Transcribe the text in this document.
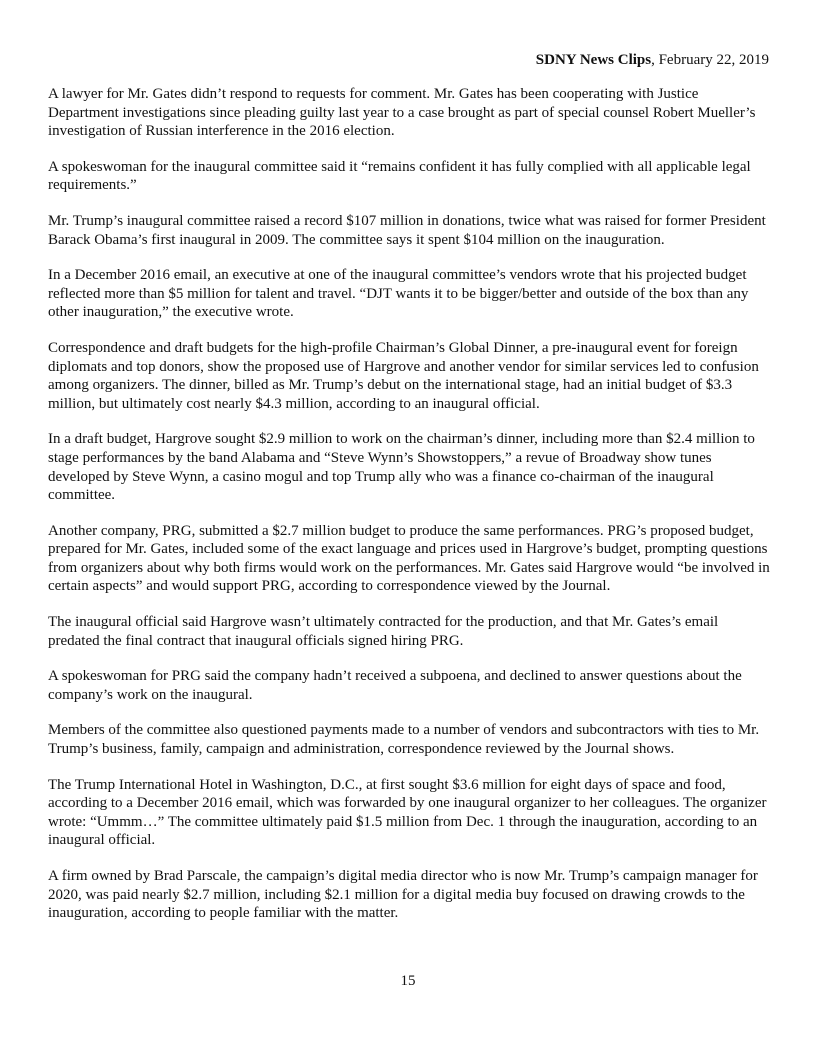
SDNY News Clips, February 22, 2019

A lawyer for Mr. Gates didn’t respond to requests for comment. Mr. Gates has been cooperating with Justice Department investigations since pleading guilty last year to a case brought as part of special counsel Robert Mueller’s investigation of Russian interference in the 2016 election.

A spokeswoman for the inaugural committee said it “remains confident it has fully complied with all applicable legal requirements.”

Mr. Trump’s inaugural committee raised a record $107 million in donations, twice what was raised for former President Barack Obama’s first inaugural in 2009. The committee says it spent $104 million on the inauguration.

In a December 2016 email, an executive at one of the inaugural committee’s vendors wrote that his projected budget reflected more than $5 million for talent and travel. “DJT wants it to be bigger/better and outside of the box than any other inauguration,” the executive wrote.

Correspondence and draft budgets for the high-profile Chairman’s Global Dinner, a pre-inaugural event for foreign diplomats and top donors, show the proposed use of Hargrove and another vendor for similar services led to confusion among organizers. The dinner, billed as Mr. Trump’s debut on the international stage, had an initial budget of $3.3 million, but ultimately cost nearly $4.3 million, according to an inaugural official.

In a draft budget, Hargrove sought $2.9 million to work on the chairman’s dinner, including more than $2.4 million to stage performances by the band Alabama and “Steve Wynn’s Showstoppers,” a revue of Broadway show tunes developed by Steve Wynn, a casino mogul and top Trump ally who was a finance co-chairman of the inaugural committee.

Another company, PRG, submitted a $2.7 million budget to produce the same performances. PRG’s proposed budget, prepared for Mr. Gates, included some of the exact language and prices used in Hargrove’s budget, prompting questions from organizers about why both firms would work on the performances. Mr. Gates said Hargrove would “be involved in certain aspects” and would support PRG, according to correspondence viewed by the Journal.

The inaugural official said Hargrove wasn’t ultimately contracted for the production, and that Mr. Gates’s email predated the final contract that inaugural officials signed hiring PRG.

A spokeswoman for PRG said the company hadn’t received a subpoena, and declined to answer questions about the company’s work on the inaugural.

Members of the committee also questioned payments made to a number of vendors and subcontractors with ties to Mr. Trump’s business, family, campaign and administration, correspondence reviewed by the Journal shows.

The Trump International Hotel in Washington, D.C., at first sought $3.6 million for eight days of space and food, according to a December 2016 email, which was forwarded by one inaugural organizer to her colleagues. The organizer wrote: “Ummm…” The committee ultimately paid $1.5 million from Dec. 1 through the inauguration, according to an inaugural official.

A firm owned by Brad Parscale, the campaign’s digital media director who is now Mr. Trump’s campaign manager for 2020, was paid nearly $2.7 million, including $2.1 million for a digital media buy focused on drawing crowds to the inauguration, according to people familiar with the matter.

15
